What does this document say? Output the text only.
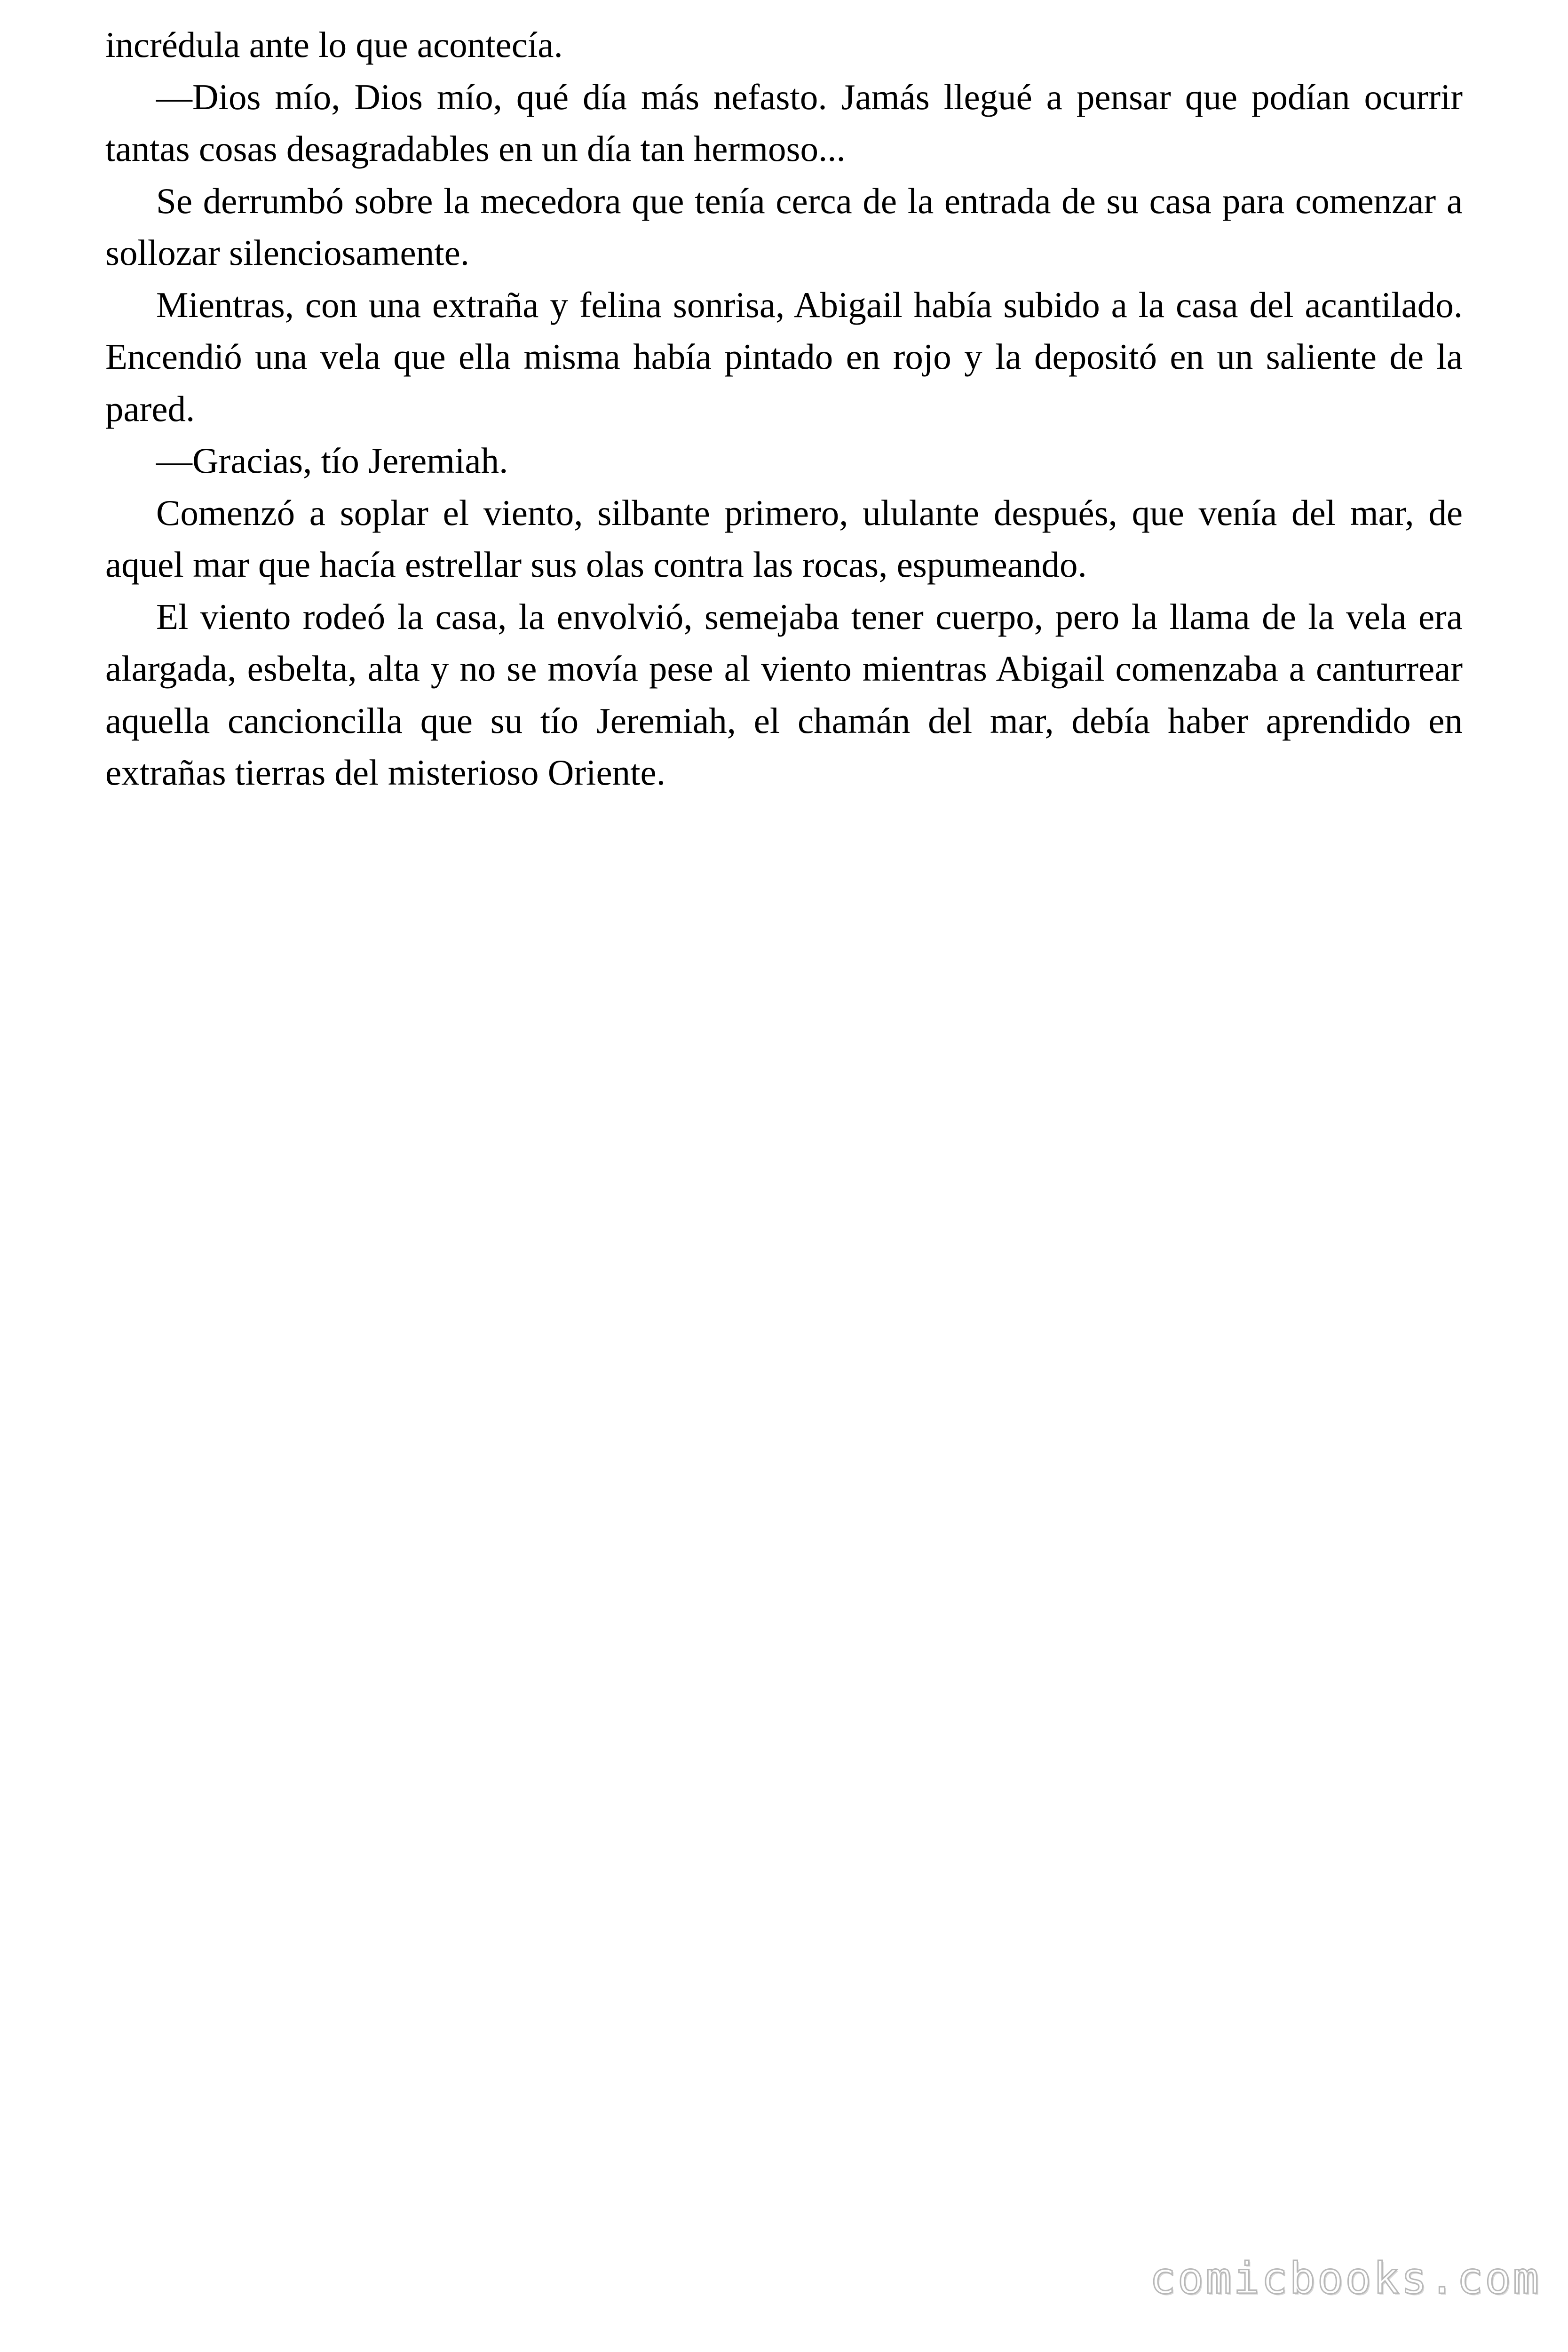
incrédula ante lo que acontecía.

—Dios mío, Dios mío, qué día más nefasto. Jamás llegué a pensar que podían ocurrir tantas cosas desagradables en un día tan hermoso...

Se derrumbó sobre la mecedora que tenía cerca de la entrada de su casa para comenzar a sollozar silenciosamente.

Mientras, con una extraña y felina sonrisa, Abigail había subido a la casa del acantilado. Encendió una vela que ella misma había pintado en rojo y la depositó en un saliente de la pared.

—Gracias, tío Jeremiah.

Comenzó a soplar el viento, silbante primero, ululante después, que venía del mar, de aquel mar que hacía estrellar sus olas contra las rocas, espumeando.

El viento rodeó la casa, la envolvió, semejaba tener cuerpo, pero la llama de la vela era alargada, esbelta, alta y no se movía pese al viento mientras Abigail comenzaba a canturrear aquella cancioncilla que su tío Jeremiah, el chamán del mar, debía haber aprendido en extrañas tierras del misterioso Oriente.

comicbooks.com
